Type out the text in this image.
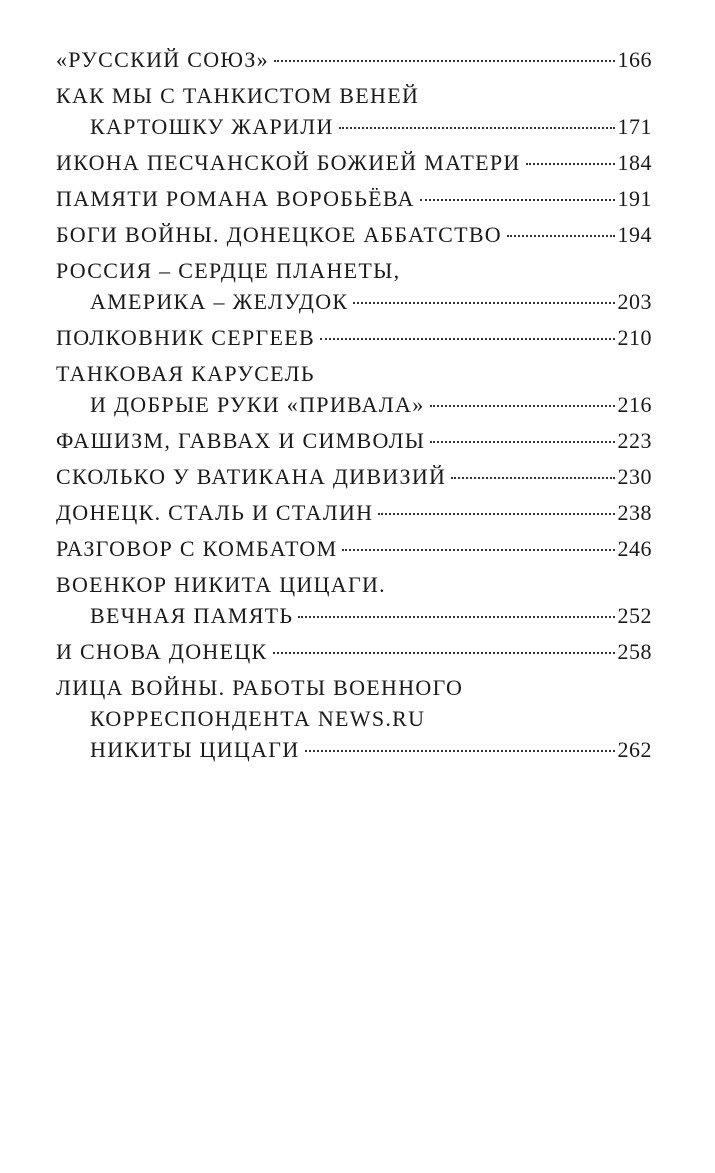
«РУССКИЙ СОЮЗ»	166
КАК МЫ С ТАНКИСТОМ ВЕНЕЙ
КАРТОШКУ ЖАРИЛИ	171
ИКОНА ПЕСЧАНСКОЙ БОЖИЕЙ МАТЕРИ	184
ПАМЯТИ РОМАНА ВОРОБЬЁВА	191
БОГИ ВОЙНЫ. ДОНЕЦКОЕ АББАТСТВО	194
РОССИЯ – СЕРДЦЕ ПЛАНЕТЫ,
АМЕРИКА – ЖЕЛУДОК	203
ПОЛКОВНИК СЕРГЕЕВ	210
ТАНКОВАЯ КАРУСЕЛЬ
И ДОБРЫЕ РУКИ «ПРИВАЛА»	216
ФАШИЗМ, ГАВВАХ И СИМВОЛЫ	223
СКОЛЬКО У ВАТИКАНА ДИВИЗИЙ	230
ДОНЕЦК. СТАЛЬ И СТАЛИН	238
РАЗГОВОР С КОМБАТОМ	246
ВОЕНКОР НИКИТА ЦИЦАГИ.
ВЕЧНАЯ ПАМЯТЬ	252
И СНОВА ДОНЕЦК	258
ЛИЦА ВОЙНЫ. РАБОТЫ ВОЕННОГО
КОРРЕСПОНДЕНТА NEWS.RU
НИКИТЫ ЦИЦАГИ	262
